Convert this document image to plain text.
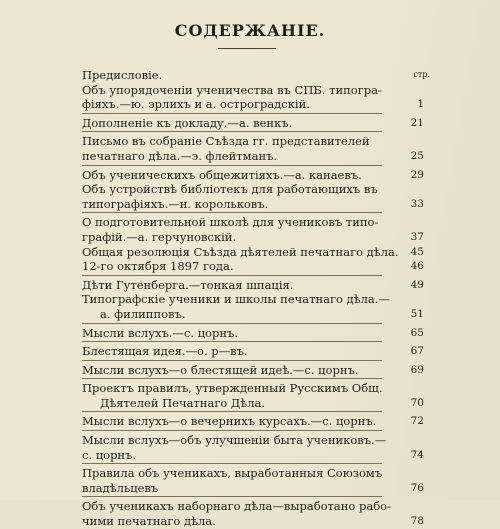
СОДЕРЖАНІЕ.
Предисловіе.	стр.
Объ упорядоченіи ученичества въ СПБ. типогра-
фіяхъ.—ю. эрлихъ и а. остроградскій.	1
Дополненіе къ докладу.—а. венкъ.	21
Письмо въ собраніе Съѣзда гг. представителей
печатнаго дѣла.—э. флейтманъ.	25
Объ ученическихъ общежитіяхъ.—а. канаевъ.	29
Объ устройствѣ библіотекъ для работающихъ въ
типографіяхъ.—н. корольковъ.	33
О подготовительной школѣ для учениковъ типо-
графій.—а. герчуновскій.	37
Общая резолюція Съѣзда дѣятелей печатнаго дѣла.	45
12-го октября 1897 года.	46
Дѣти Гутенберга.—тонкая шпація.	49
Типографскіе ученики и школы печатнаго дѣла.—
а. филипповъ.	51
Мысли вслухъ.—с. цорнъ.	65
Блестящая идея.—о. р—въ.	67
Мысли вслухъ—о блестящей идеѣ.—с. цорнъ.	69
Проектъ правилъ, утвержденный Русскимъ Общ.
Дѣятелей Печатнаго Дѣла.	70
Мысли вслухъ—о вечернихъ курсахъ.—с. цорнъ.	72
Мысли вслухъ—объ улучшеніи быта учениковъ.—
с. цорнъ.	74
Правила объ ученикахъ, выработанныя Союзомъ
владѣльцевъ	76
Объ ученикахъ наборнаго дѣла—выработано рабо-
чими печатнаго дѣла.	78
